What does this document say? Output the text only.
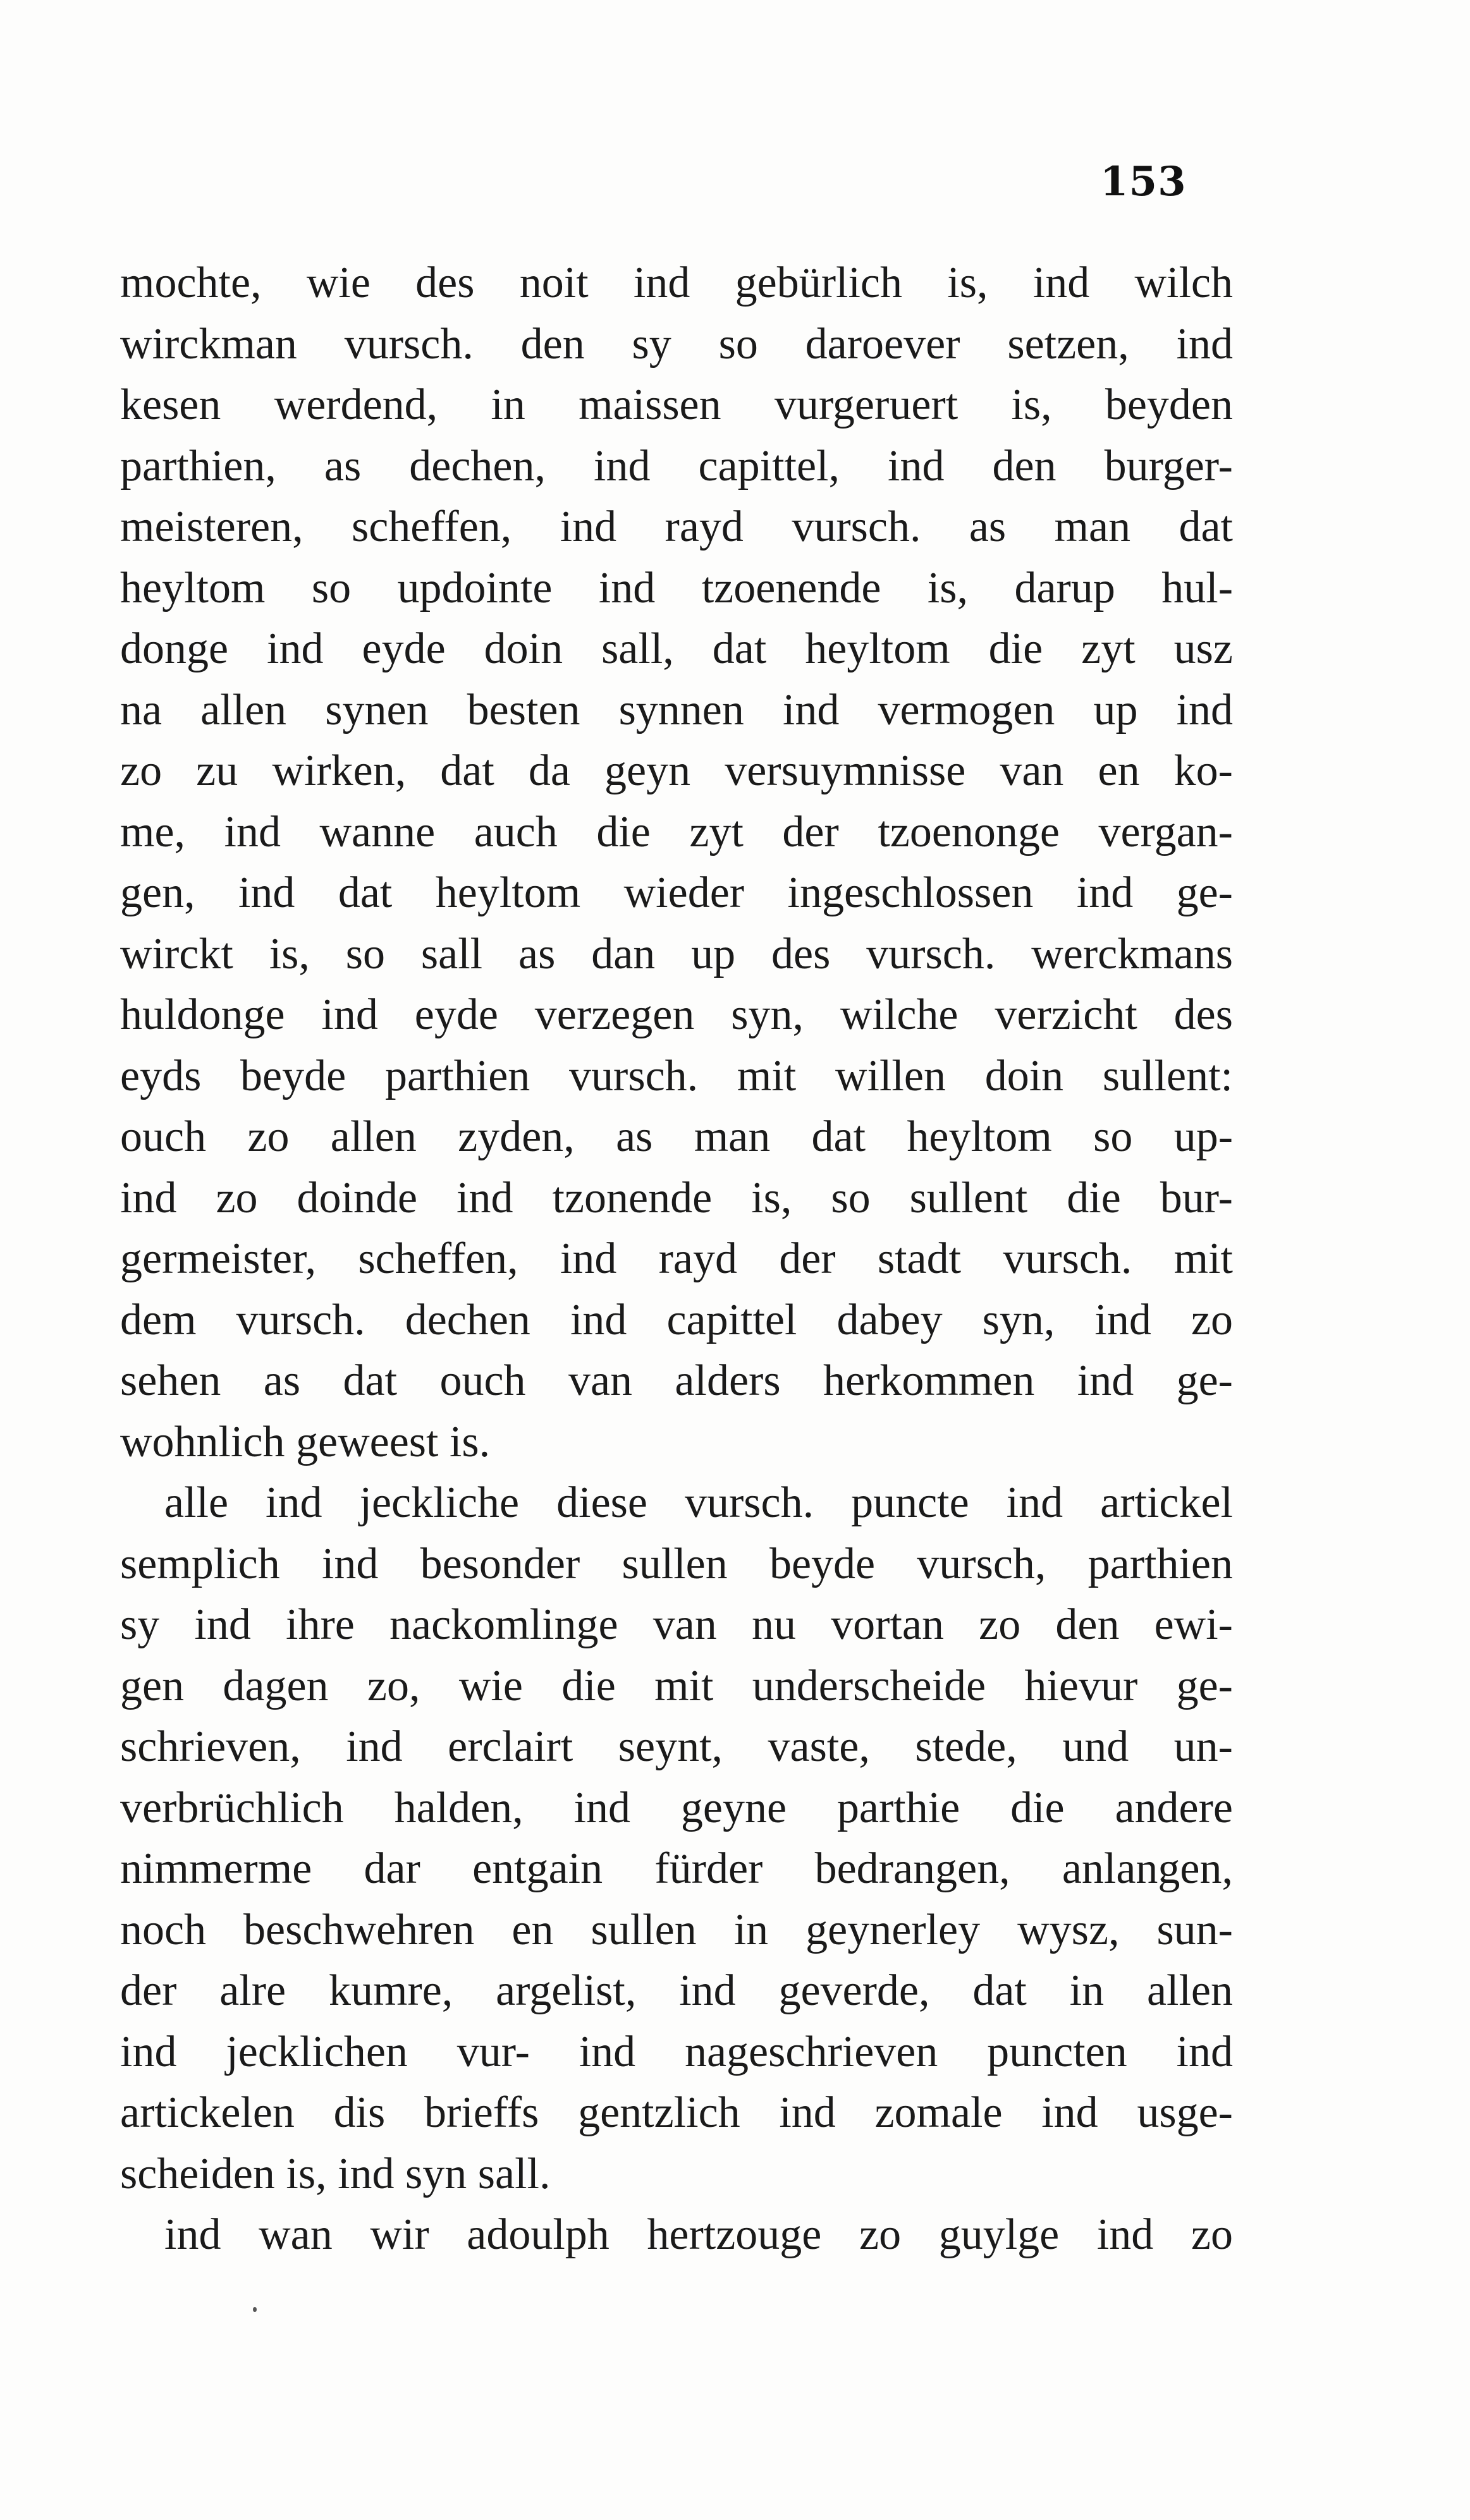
153
mochte, wie des noit ind gebürlich is, ind wilch
wirckman vursch. den sy so daroever setzen, ind
kesen werdend, in maissen vurgeruert is, beyden
parthien, as dechen, ind capittel, ind den burger-
meisteren, scheffen, ind rayd vursch. as man dat
heyltom so updointe ind tzoenende is, darup hul-
donge ind eyde doin sall, dat heyltom die zyt usz
na allen synen besten synnen ind vermogen up ind
zo zu wirken, dat da geyn versuymnisse van en ko-
me, ind wanne auch die zyt der tzoenonge vergan-
gen, ind dat heyltom wieder ingeschlossen ind ge-
wirckt is, so sall as dan up des vursch. werckmans
huldonge ind eyde verzegen syn, wilche verzicht des
eyds beyde parthien vursch. mit willen doin sullent:
ouch zo allen zyden, as man dat heyltom so up-
ind zo doinde ind tzonende is, so sullent die bur-
germeister, scheffen, ind rayd der stadt vursch. mit
dem vursch. dechen ind capittel dabey syn, ind zo
sehen as dat ouch van alders herkommen ind ge-
wohnlich geweest is.
alle ind jeckliche diese vursch. puncte ind artickel
semplich ind besonder sullen beyde vursch, parthien
sy ind ihre nackomlinge van nu vortan zo den ewi-
gen dagen zo, wie die mit underscheide hievur ge-
schrieven, ind erclairt seynt, vaste, stede, und un-
verbrüchlich halden, ind geyne parthie die andere
nimmerme dar entgain fürder bedrangen, anlangen,
noch beschwehren en sullen in geynerley wysz, sun-
der alre kumre, argelist, ind geverde, dat in allen
ind jecklichen vur- ind nageschrieven puncten ind
artickelen dis brieffs gentzlich ind zomale ind usge-
scheiden is, ind syn sall.
ind wan wir adoulph hertzouge zo guylge ind zo
